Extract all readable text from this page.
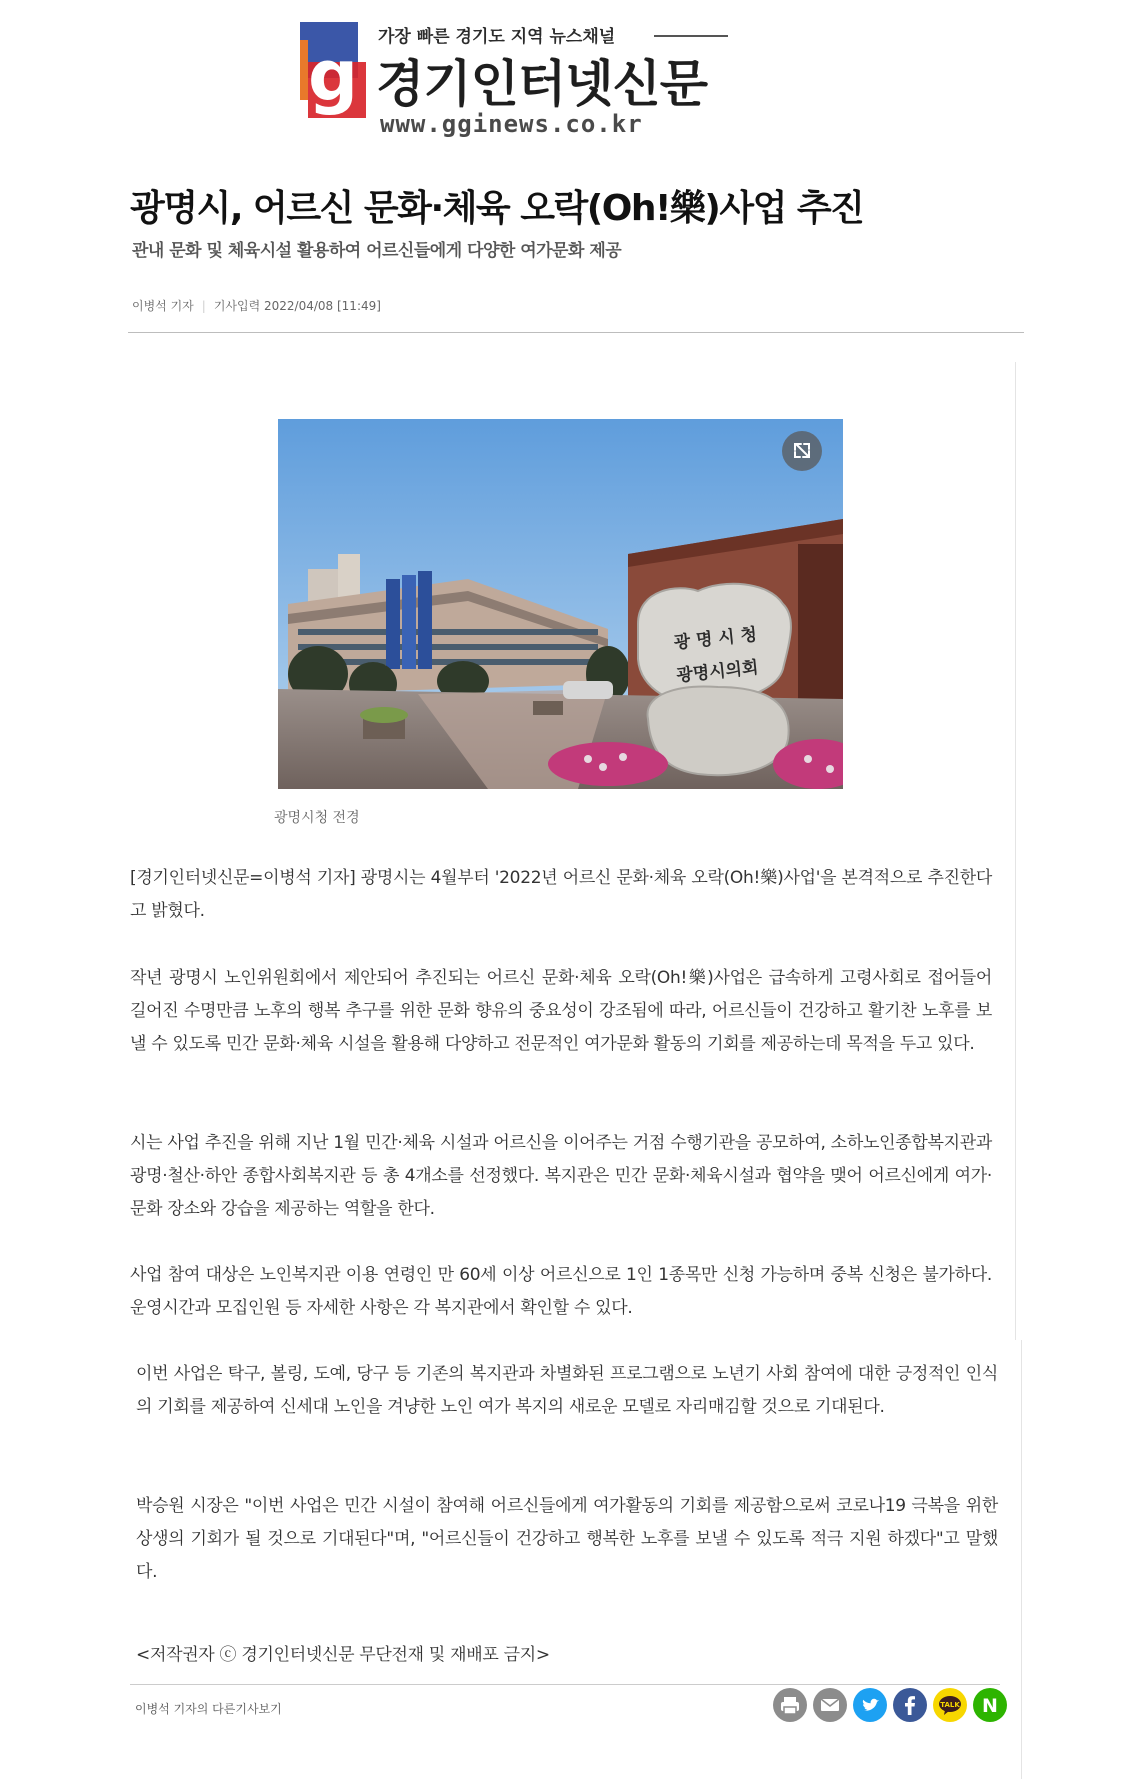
g 가장 빠른 경기도 지역 뉴스채널
경기인터넷신문
www.gginews.co.kr
광명시, 어르신 문화·체육 오락(Oh!樂)사업 추진
관내 문화 및 체육시설 활용하여 어르신들에게 다양한 여가문화 제공
이병석 기자 | 기사입력 2022/04/08 [11:49]
광 명 시 청
광명시의회
광명시청 전경

[경기인터넷신문=이병석 기자] 광명시는 4월부터 '2022년 어르신 문화·체육 오락(Oh!樂)사업'을 본격적으로 추진한다고 밝혔다.

작년 광명시 노인위원회에서 제안되어 추진되는 어르신 문화·체육 오락(Oh!樂)사업은 급속하게 고령사회로 접어들어 길어진 수명만큼 노후의 행복 추구를 위한 문화 향유의 중요성이 강조됨에 따라, 어르신들이 건강하고 활기찬 노후를 보낼 수 있도록 민간 문화·체육 시설을 활용해 다양하고 전문적인 여가문화 활동의 기회를 제공하는데 목적을 두고 있다.

시는 사업 추진을 위해 지난 1월 민간·체육 시설과 어르신을 이어주는 거점 수행기관을 공모하여, 소하노인종합복지관과 광명·철산·하안 종합사회복지관 등 총 4개소를 선정했다. 복지관은 민간 문화·체육시설과 협약을 맺어 어르신에게 여가·문화 장소와 강습을 제공하는 역할을 한다.

사업 참여 대상은 노인복지관 이용 연령인 만 60세 이상 어르신으로 1인 1종목만 신청 가능하며 중복 신청은 불가하다. 운영시간과 모집인원 등 자세한 사항은 각 복지관에서 확인할 수 있다.

이번 사업은 탁구, 볼링, 도예, 당구 등 기존의 복지관과 차별화된 프로그램으로 노년기 사회 참여에 대한 긍정적인 인식의 기회를 제공하여 신세대 노인을 겨냥한 노인 여가 복지의 새로운 모델로 자리매김할 것으로 기대된다.

박승원 시장은 "이번 사업은 민간 시설이 참여해 어르신들에게 여가활동의 기회를 제공함으로써 코로나19 극복을 위한 상생의 기회가 될 것으로 기대된다"며, "어르신들이 건강하고 행복한 노후를 보낼 수 있도록 적극 지원 하겠다"고 말했다.

<저작권자 ⓒ 경기인터넷신문 무단전재 및 재배포 금지>
이병석 기자의 다른기사보기	TALK N
